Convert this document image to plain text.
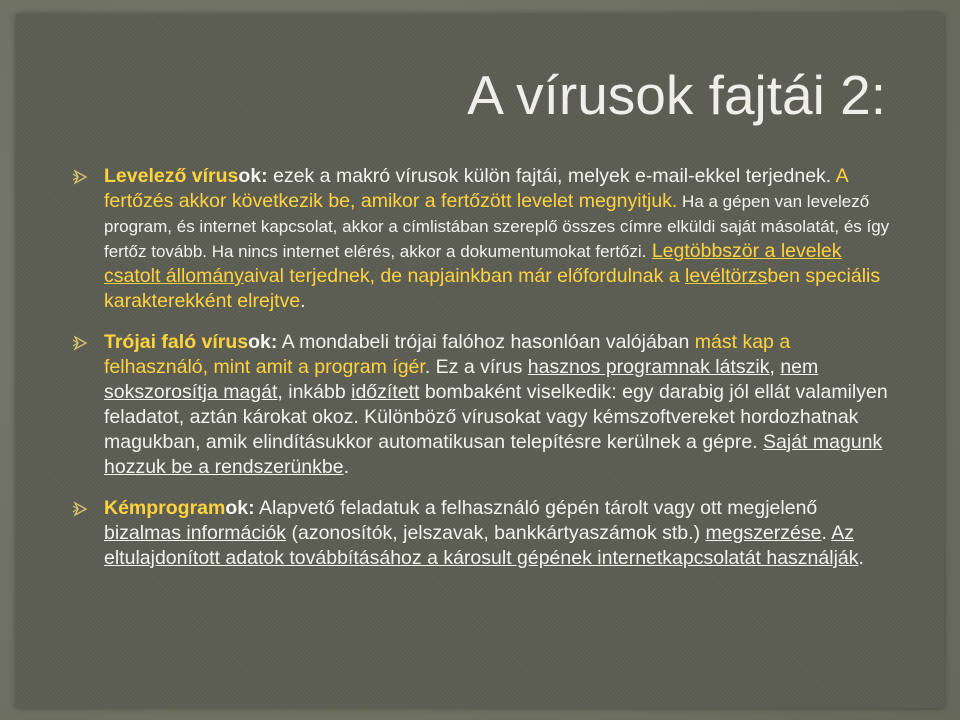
A vírusok fajtái 2:
Levelező vírusok: ezek a makró vírusok külön fajtái, melyek e-mail-ekkel terjednek. A fertőzés akkor következik be, amikor a fertőzött levelet megnyitjuk. Ha a gépen van levelező program, és internet kapcsolat, akkor a címlistában szereplő összes címre elküldi saját másolatát, és így fertőz tovább. Ha nincs internet elérés, akkor a dokumentumokat fertőzi. Legtöbbször a levelek csatolt állományaival terjednek, de napjainkban már előfordulnak a levéltörzsben speciális karakterekként elrejtve.
Trójai faló vírusok: A mondabeli trójai falóhoz hasonlóan valójában mást kap a felhasználó, mint amit a program ígér. Ez a vírus hasznos programnak látszik, nem sokszorosítja magát, inkább időzített bombaként viselkedik: egy darabig jól ellát valamilyen feladatot, aztán károkat okoz. Különböző vírusokat vagy kémszoftvereket hordozhatnak magukban, amik elindításukkor automatikusan telepítésre kerülnek a gépre. Saját magunk hozzuk be a rendszerünkbe.
Kémprogramok: Alapvető feladatuk a felhasználó gépén tárolt vagy ott megjelenő bizalmas információk (azonosítók, jelszavak, bankkártyaszámok stb.) megszerzése. Az eltulajdonított adatok továbbításához a károsult gépének internetkapcsolatát használják.
